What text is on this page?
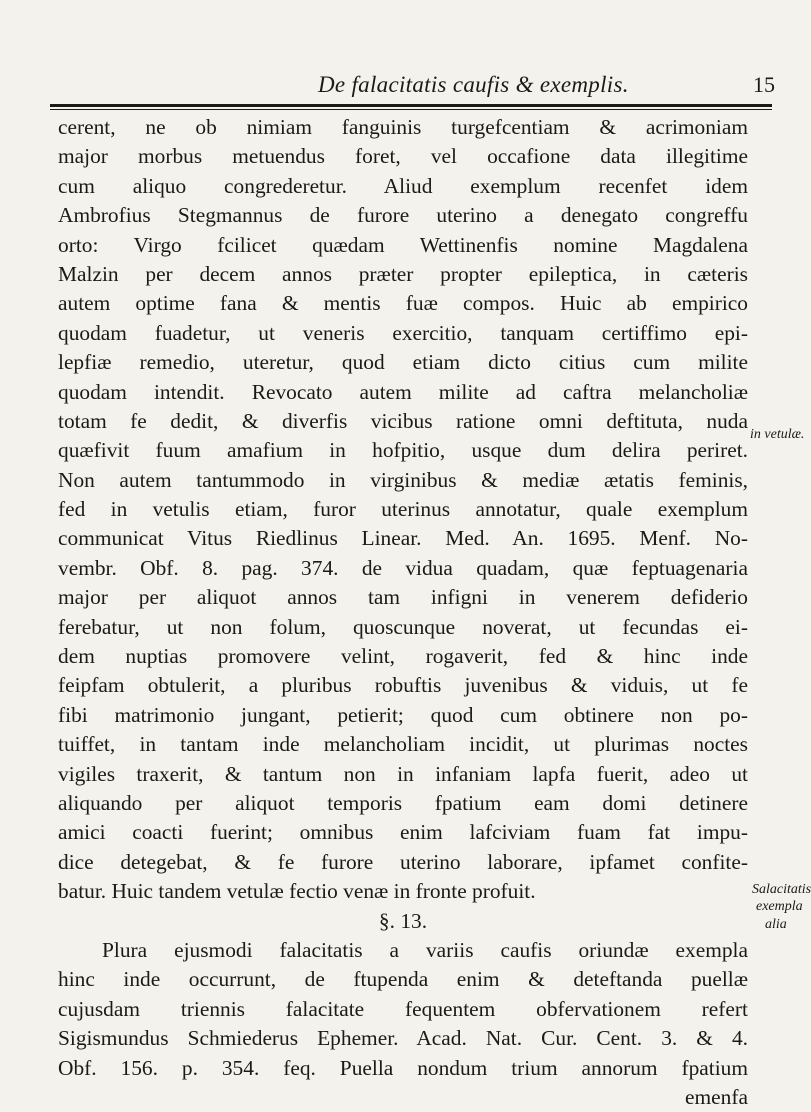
De falacitatis caufis & exemplis.	15
cerent, ne ob nimiam fanguinis turgefcentiam & acrimoniam
major morbus metuendus foret, vel occafione data illegitime
cum aliquo congrederetur. Aliud exemplum recenfet idem
Ambrofius Stegmannus de furore uterino a denegato congreffu
orto: Virgo fcilicet quædam Wettinenfis nomine Magdalena
Malzin per decem annos præter propter epileptica, in cæteris
autem optime fana & mentis fuæ compos. Huic ab empirico
quodam fuadetur, ut veneris exercitio, tanquam certiffimo epi-
lepfiæ remedio, uteretur, quod etiam dicto citius cum milite
quodam intendit. Revocato autem milite ad caftra melancholiæ
totam fe dedit, & diverfis vicibus ratione omni deftituta, nuda
quæfivit fuum amafium in hofpitio, usque dum delira periret.
Non autem tantummodo in virginibus & mediæ ætatis feminis,
fed in vetulis etiam, furor uterinus annotatur, quale exemplum
communicat Vitus Riedlinus Linear. Med. An. 1695. Menf. No-
vembr. Obf. 8. pag. 374. de vidua quadam, quæ feptuagenaria
major per aliquot annos tam infigni in venerem defiderio
ferebatur, ut non folum, quoscunque noverat, ut fecundas ei-
dem nuptias promovere velint, rogaverit, fed & hinc inde
feipfam obtulerit, a pluribus robuftis juvenibus & viduis, ut fe
fibi matrimonio jungant, petierit; quod cum obtinere non po-
tuiffet, in tantam inde melancholiam incidit, ut plurimas noctes
vigiles traxerit, & tantum non in infaniam lapfa fuerit, adeo ut
aliquando per aliquot temporis fpatium eam domi detinere
amici coacti fuerint; omnibus enim lafciviam fuam fat impu-
dice detegebat, & fe furore uterino laborare, ipfamet confite-
batur. Huic tandem vetulæ fectio venæ in fronte profuit.
§. 13.
Plura ejusmodi falacitatis a variis caufis oriundæ exempla
hinc inde occurrunt, de ftupenda enim & deteftanda puellæ
cujusdam triennis falacitate fequentem obfervationem refert
Sigismundus Schmiederus Ephemer. Acad. Nat. Cur. Cent. 3. & 4.
Obf. 156. p. 354. feq. Puella nondum trium annorum fpatium
emenfa
in vetulæ.
Salacitatis
exempla
alia
